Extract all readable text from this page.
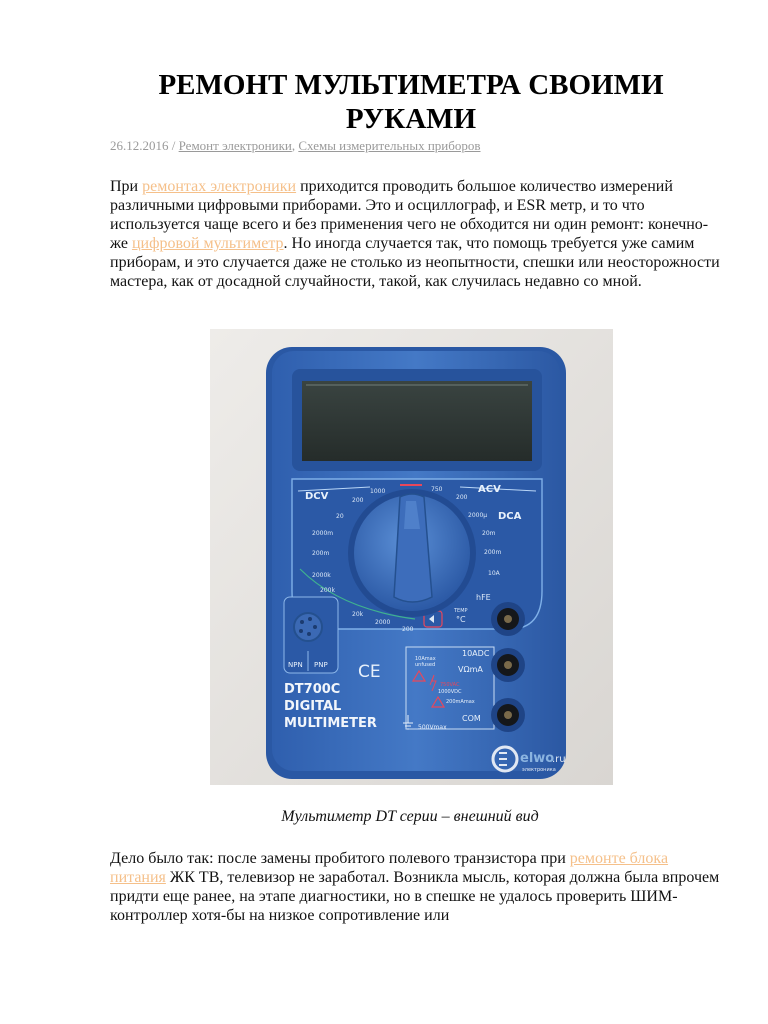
РЕМОНТ МУЛЬТИМЕТРА СВОИМИ
РУКАМИ
26.12.2016 / Ремонт электроники, Схемы измерительных приборов

При ремонтах электроники приходится проводить большое количество измерений различными цифровыми приборами. Это и осциллограф, и ESR метр, и то что используется чаще всего и без применения чего не обходится ни один ремонт: конечно-же цифровой мультиметр. Но иногда случается так, что помощь требуется уже самим приборам, и это случается даже не столько из неопытности, спешки или неосторожности мастера, как от досадной случайности, такой, как случилась недавно со мной.

DCV
ACV
DCA
1000
200
20
2000m
200m
2000k
200k
20k
2000
200
750
200
2000μ
20m
200m
10A
hFE
TEMP
°C
NPN PNP CE
DT700C
DIGITAL
MULTIMETER
10Amax
unfused
750VAC
1000VDC
200mAmax
10ADC
VΩmA
COM
500Vmax
elwo
.ru
электроника
Мультиметр DT серии – внешний вид

Дело было так: после замены пробитого полевого транзистора при ремонте блока питания ЖК ТВ, телевизор не заработал. Возникла мысль, которая должна была впрочем придти еще ранее, на этапе диагностики, но в спешке не удалось проверить ШИМ-контроллер хотя-бы на низкое сопротивление или
